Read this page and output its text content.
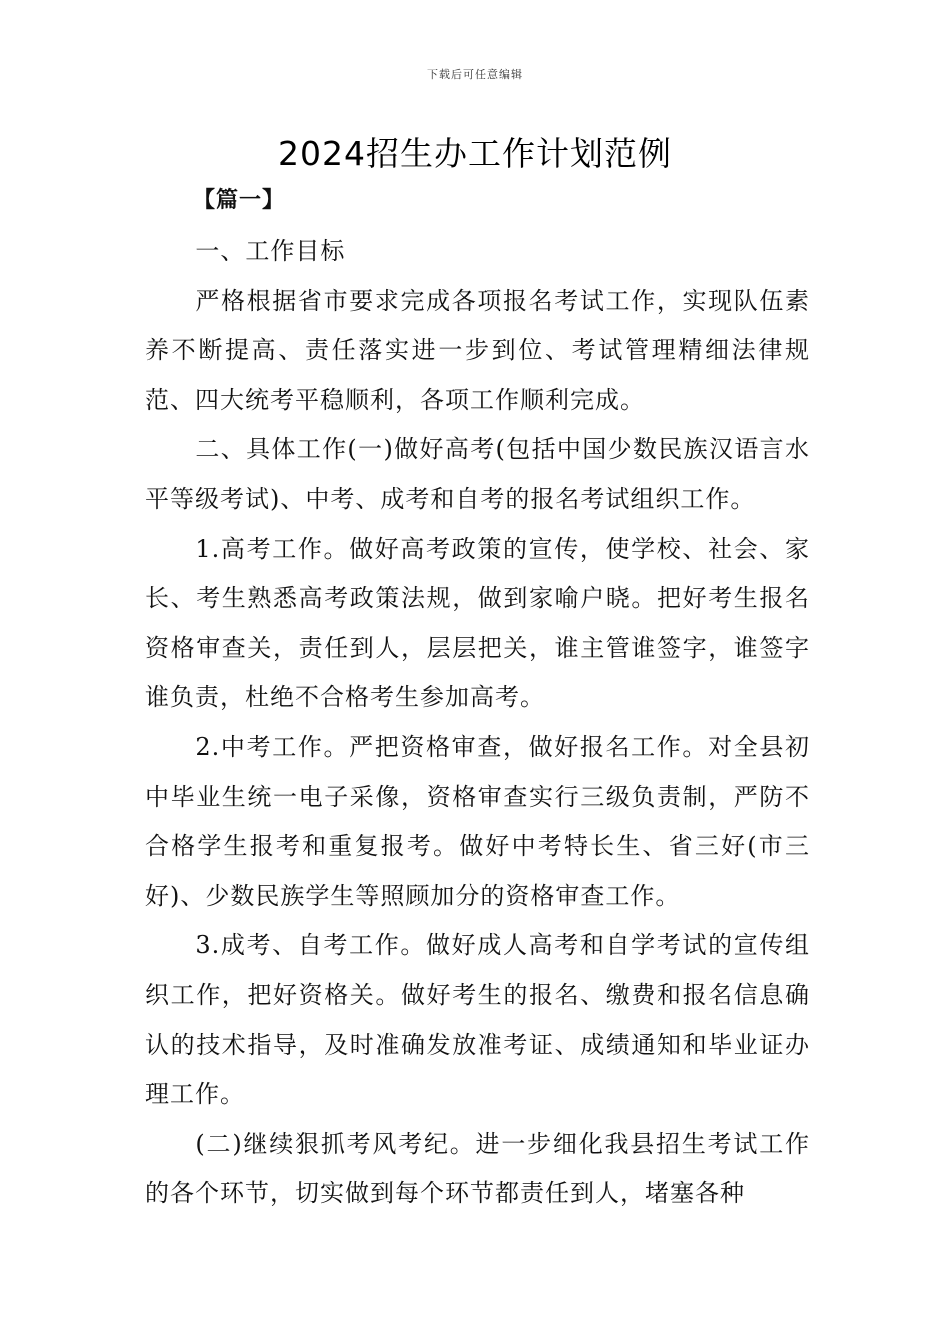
下载后可任意编辑
2024招生办工作计划范例
【篇一】

一、工作目标

严格根据省市要求完成各项报名考试工作，实现队伍素养不断提高、责任落实进一步到位、考试管理精细法律规范、四大统考平稳顺利，各项工作顺利完成。

二、具体工作(一)做好高考(包括中国少数民族汉语言水平等级考试)、中考、成考和自考的报名考试组织工作。

1.高考工作。做好高考政策的宣传，使学校、社会、家长、考生熟悉高考政策法规，做到家喻户晓。把好考生报名资格审查关，责任到人，层层把关，谁主管谁签字，谁签字谁负责，杜绝不合格考生参加高考。

2.中考工作。严把资格审查，做好报名工作。对全县初中毕业生统一电子采像，资格审查实行三级负责制，严防不合格学生报考和重复报考。做好中考特长生、省三好(市三好)、少数民族学生等照顾加分的资格审查工作。

3.成考、自考工作。做好成人高考和自学考试的宣传组织工作，把好资格关。做好考生的报名、缴费和报名信息确认的技术指导，及时准确发放准考证、成绩通知和毕业证办理工作。

(二)继续狠抓考风考纪。进一步细化我县招生考试工作的各个环节，切实做到每个环节都责任到人，堵塞各种
